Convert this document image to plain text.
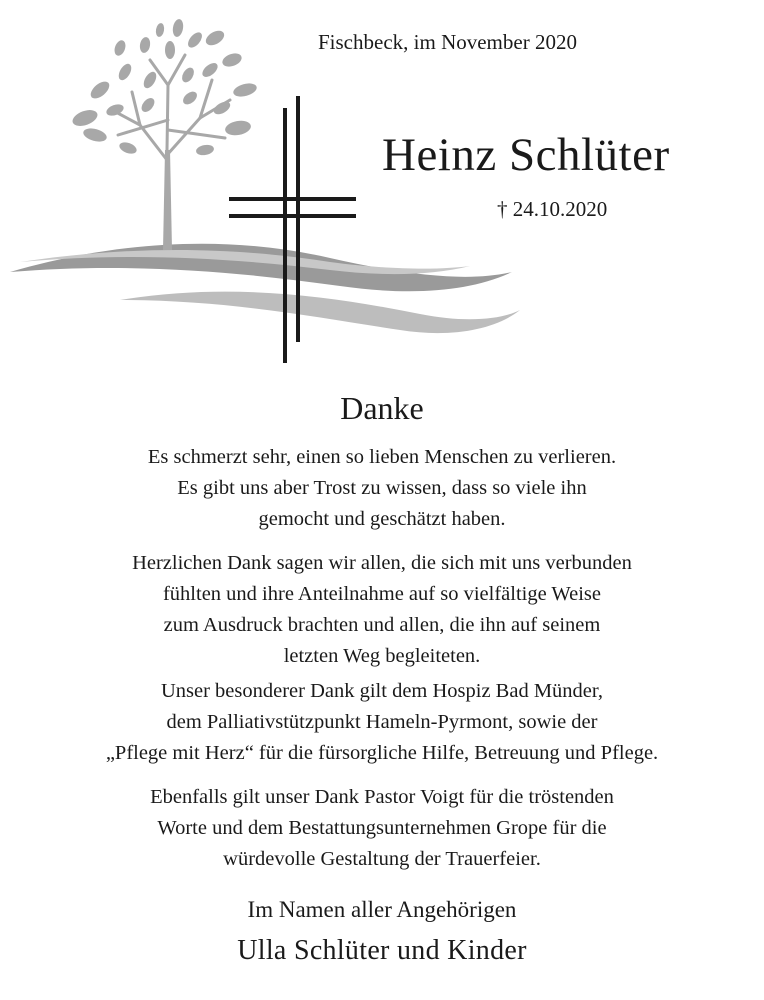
Fischbeck, im November 2020
Heinz Schlüter
† 24.10.2020
Danke
Es schmerzt sehr, einen so lieben Menschen zu verlieren.
Es gibt uns aber Trost zu wissen, dass so viele ihn
gemocht und geschätzt haben.
Herzlichen Dank sagen wir allen, die sich mit uns verbunden
fühlten und ihre Anteilnahme auf so vielfältige Weise
zum Ausdruck brachten und allen, die ihn auf seinem
letzten Weg begleiteten.
Unser besonderer Dank gilt dem Hospiz Bad Münder,
dem Palliativstützpunkt Hameln-Pyrmont, sowie der
„Pflege mit Herz“ für die fürsorgliche Hilfe, Betreuung und Pflege.
Ebenfalls gilt unser Dank Pastor Voigt für die tröstenden
Worte und dem Bestattungsunternehmen Grope für die
würdevolle Gestaltung der Trauerfeier.
Im Namen aller Angehörigen
Ulla Schlüter und Kinder
